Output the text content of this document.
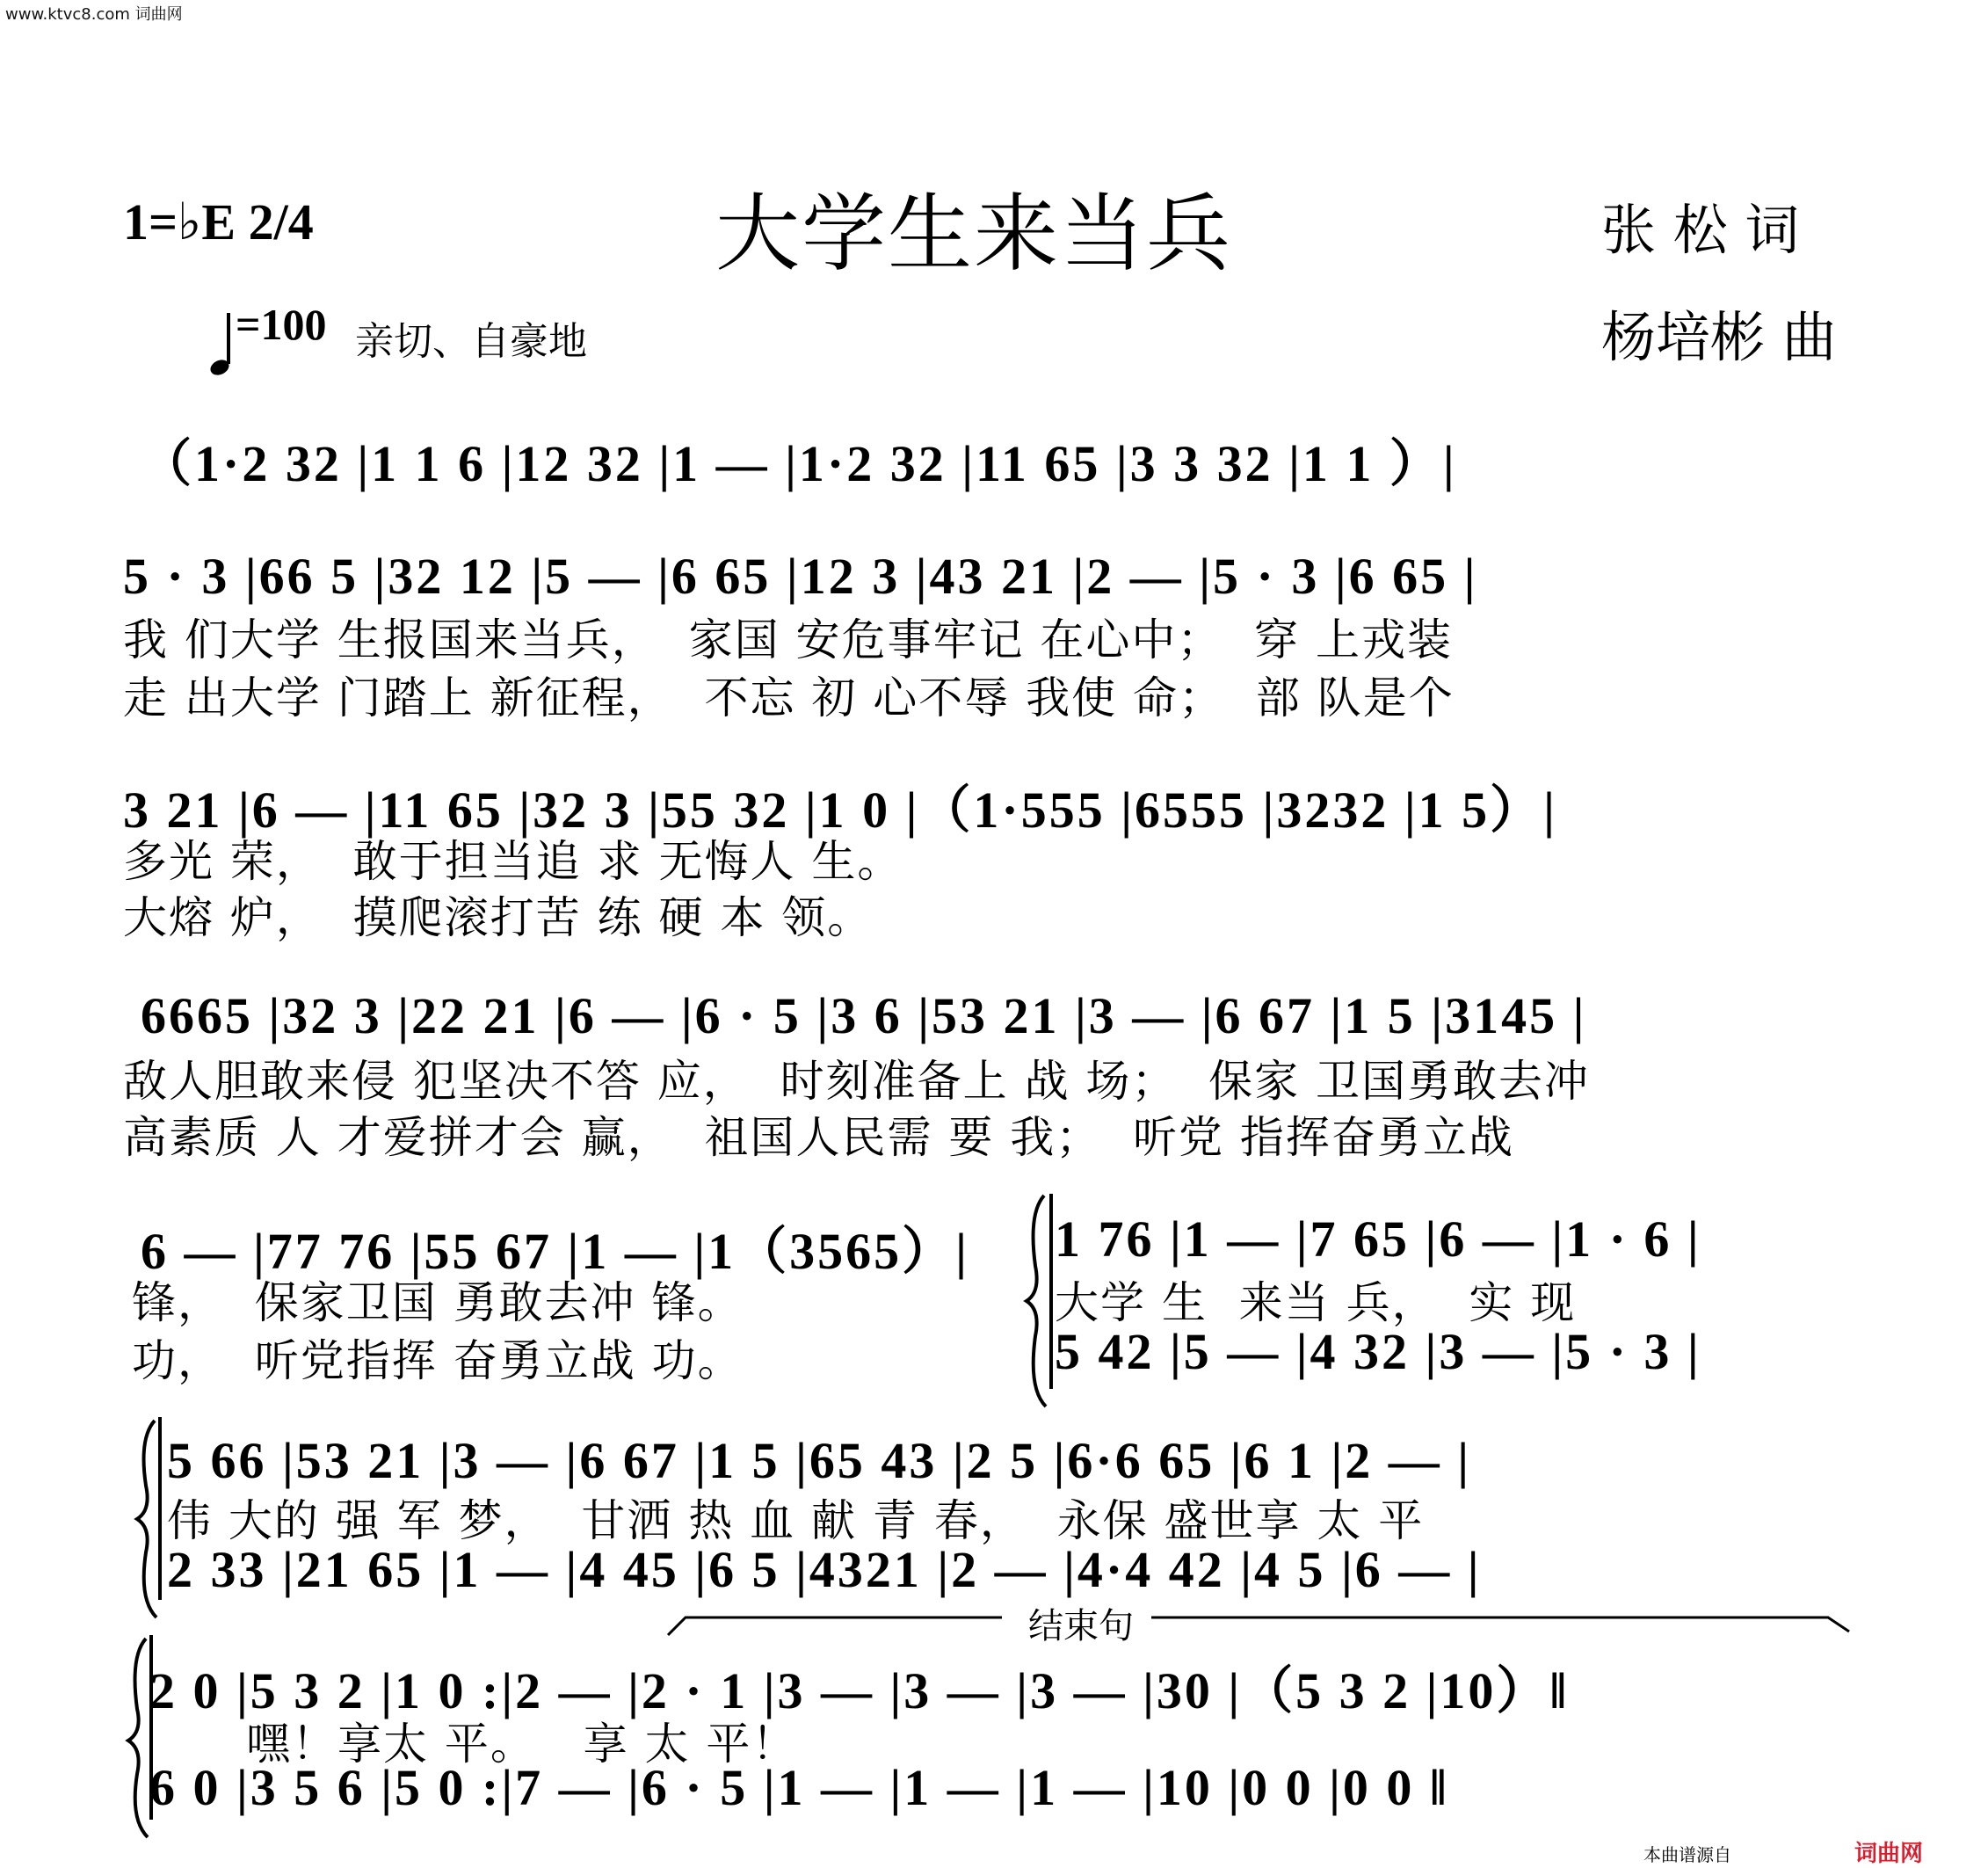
www.ktvc8.com 词曲网
1=♭E 2/4	大学生来当兵	张 松 词
杨培彬 曲
=100 亲切、自豪地
（1·2 32 |1 1 6 |12 32 |1 — |1·2 32 |11 65 |3 3 32 |1 1 ）|
5 · 3 |66 5 |32 12 |5 — |6 65 |12 3 |43 21 |2 — |5 · 3 |6 65 |
我 们大学 生报国来当兵，  家国 安危事牢记 在心中；  穿 上戎装
走 出大学 门踏上 新征程，  不忘 初 心不辱 我使 命；  部 队是个
3 21 |6 — |11 65 |32 3 |55 32 |1 0 |（1·555 |6555 |3232 |1 5）|
多光 荣，  敢于担当追 求 无悔人 生。
大熔 炉，  摸爬滚打苦 练 硬 本 领。
6665 |32 3 |22 21 |6 — |6 · 5 |3 6 |53 21 |3 — |6 67 |1 5 |3145 |
敌人胆敢来侵 犯坚决不答 应，  时刻准备上 战 场；  保家 卫国勇敢去冲
高素质 人 才爱拼才会 赢，  祖国人民需 要 我；  听党 指挥奋勇立战
6 — |77 76 |55 67 |1 — |1（3565）|
锋，  保家卫国 勇敢去冲 锋。
功，  听党指挥 奋勇立战 功。
1 76 |1 — |7 65 |6 — |1 · 6 |
大学 生  来当 兵，  实 现
5 42 |5 — |4 32 |3 — |5 · 3 |
5 66 |53 21 |3 — |6 67 |1 5 |65 43 |2 5 |6·6 65 |6 1 |2 — |
伟 大的 强 军 梦，  甘洒 热 血 献 青 春，  永保 盛世享 太 平
2 33 |21 65 |1 — |4 45 |6 5 |4321 |2 — |4·4 42 |4 5 |6 — |
结束句
2 0 |5 3 2 |1 0 :|2 — |2 · 1 |3 — |3 — |3 — |30 |（5 3 2 |10）‖
嘿！享太 平。   享 太 平！
6 0 |3 5 6 |5 0 :|7 — |6 · 5 |1 — |1 — |1 — |10 |0 0 |0 0 ‖
本曲谱源自	词曲网
